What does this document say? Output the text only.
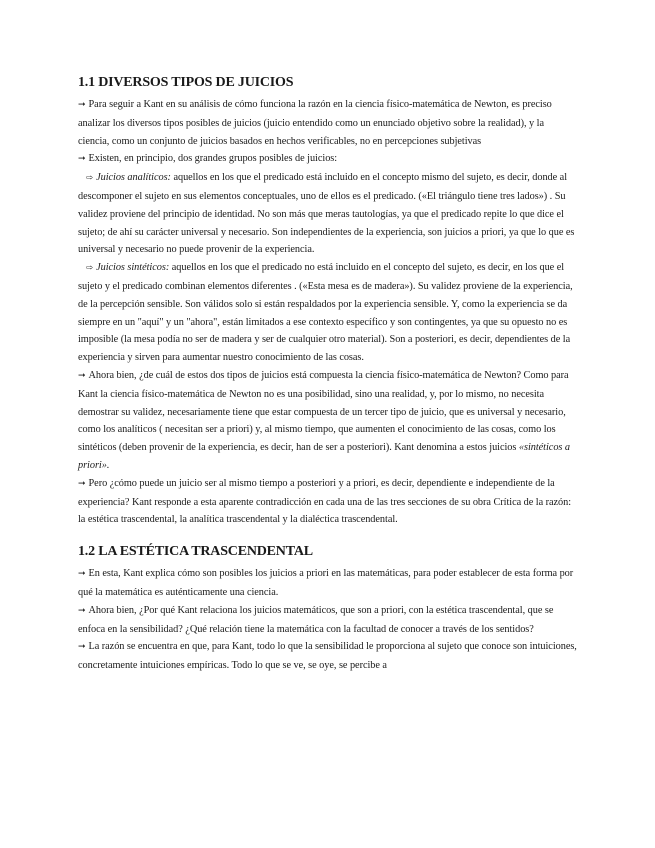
1.1 DIVERSOS TIPOS DE JUICIOS

➞ Para seguir a Kant en su análisis de cómo funciona la razón en la ciencia físico-matemática de Newton, es preciso analizar los diversos tipos posibles de juicios (juicio entendido como un enunciado objetivo sobre la realidad), y la ciencia, como un conjunto de juicios basados en hechos verificables, no en percepciones subjetivas

➞ Existen, en principio, dos grandes grupos posibles de juicios:

⇨ Juicios analíticos: aquellos en los que el predicado está incluido en el concepto mismo del sujeto, es decir, donde al descomponer el sujeto en sus elementos conceptuales, uno de ellos es el predicado. («El triángulo tiene tres lados») . Su validez proviene del principio de identidad. No son más que meras tautologías, ya que el predicado repite lo que dice el sujeto; de ahí su carácter universal y necesario. Son independientes de la experiencia, son juicios a priori, ya que lo que es universal y necesario no puede provenir de la experiencia.

⇨ Juicios sintéticos: aquellos en los que el predicado no está incluido en el concepto del sujeto, es decir, en los que el sujeto y el predicado combinan elementos diferentes . («Esta mesa es de madera»). Su validez proviene de la experiencia, de la percepción sensible. Son válidos solo si están respaldados por la experiencia sensible. Y, como la experiencia se da siempre en un "aquí" y un "ahora", están limitados a ese contexto específico y son contingentes, ya que su opuesto no es imposible (la mesa podía no ser de madera y ser de cualquier otro material). Son a posteriori, es decir, dependientes de la experiencia y sirven para aumentar nuestro conocimiento de las cosas.

➞ Ahora bien, ¿de cuál de estos dos tipos de juicios está compuesta la ciencia físico-matemática de Newton? Como para Kant la ciencia físico-matemática de Newton no es una posibilidad, sino una realidad, y, por lo mismo, no necesita demostrar su validez, necesariamente tiene que estar compuesta de un tercer tipo de juicio, que es universal y necesario, como los analíticos ( necesitan ser a priori) y, al mismo tiempo, que aumenten el conocimiento de las cosas, como los sintéticos (deben provenir de la experiencia, es decir, han de ser a posteriori). Kant denomina a estos juicios «sintéticos a priori».

➞ Pero ¿cómo puede un juicio ser al mismo tiempo a posteriori y a priori, es decir, dependiente e independiente de la experiencia? Kant responde a esta aparente contradicción en cada una de las tres secciones de su obra Crítica de la razón: la estética trascendental, la analítica trascendental y la dialéctica trascendental.

1.2 LA ESTÉTICA TRASCENDENTAL

➞ En esta, Kant explica cómo son posibles los juicios a priori en las matemáticas, para poder establecer de esta forma por qué la matemática es auténticamente una ciencia.

➞ Ahora bien, ¿Por qué Kant relaciona los juicios matemáticos, que son a priori, con la estética trascendental, que se enfoca en la sensibilidad? ¿Qué relación tiene la matemática con la facultad de conocer a través de los sentidos?

➞ La razón se encuentra en que, para Kant, todo lo que la sensibilidad le proporciona al sujeto que conoce son intuiciones, concretamente intuiciones empíricas. Todo lo que se ve, se oye, se percibe a
